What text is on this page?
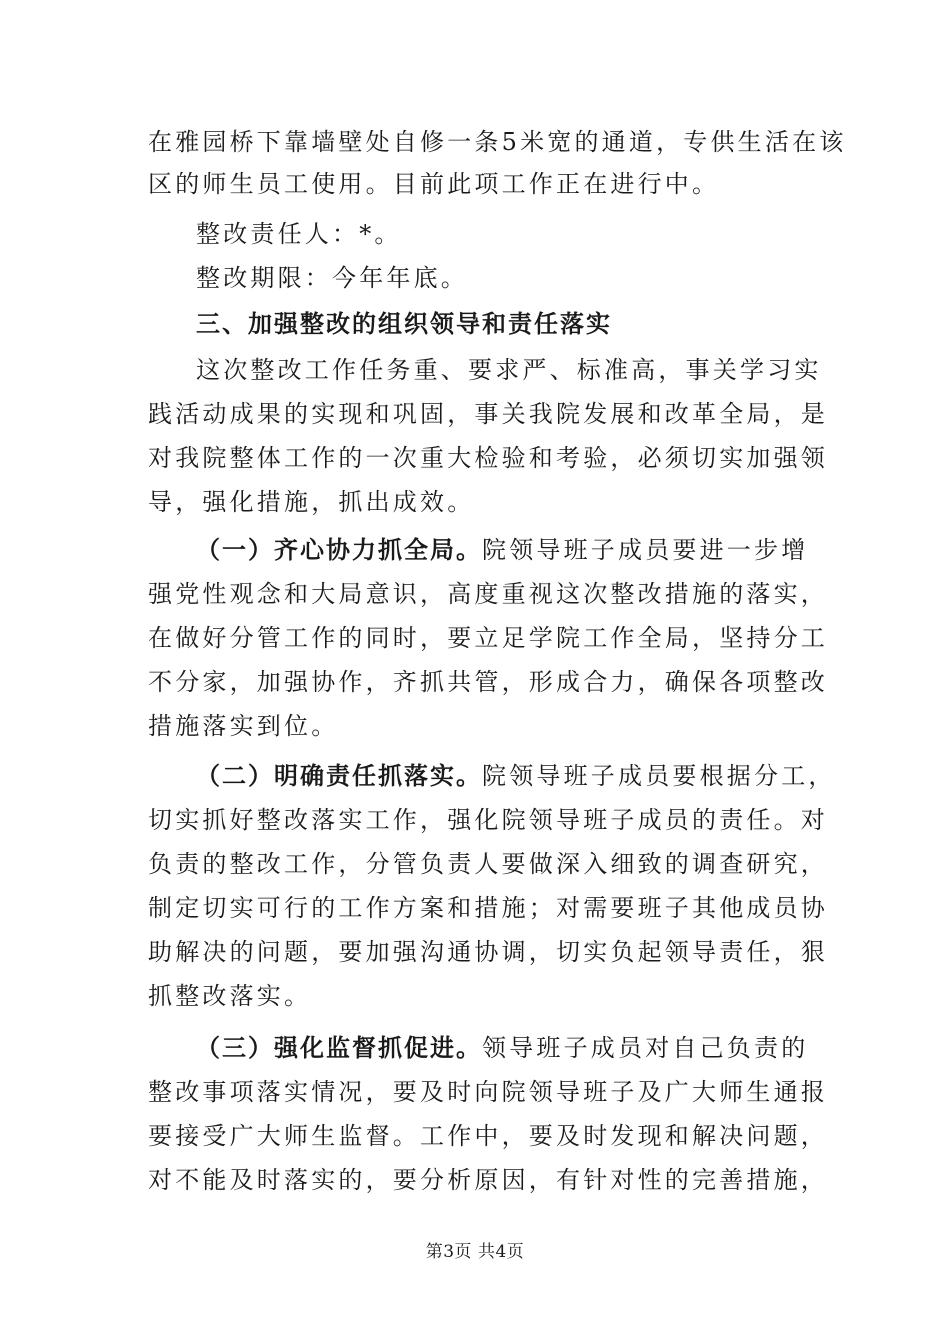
在雅园桥下靠墙壁处自修一条5米宽的通道，专供生活在该
区的师生员工使用。目前此项工作正在进行中。
整改责任人：*。
整改期限：今年年底。
三、加强整改的组织领导和责任落实
这次整改工作任务重、要求严、标准高，事关学习实
践活动成果的实现和巩固，事关我院发展和改革全局，是
对我院整体工作的一次重大检验和考验，必须切实加强领
导，强化措施，抓出成效。
（一）齐心协力抓全局。院领导班子成员要进一步增
强党性观念和大局意识，高度重视这次整改措施的落实，
在做好分管工作的同时，要立足学院工作全局，坚持分工
不分家，加强协作，齐抓共管，形成合力，确保各项整改
措施落实到位。
（二）明确责任抓落实。院领导班子成员要根据分工，
切实抓好整改落实工作，强化院领导班子成员的责任。对
负责的整改工作，分管负责人要做深入细致的调查研究，
制定切实可行的工作方案和措施；对需要班子其他成员协
助解决的问题，要加强沟通协调，切实负起领导责任，狠
抓整改落实。
（三）强化监督抓促进。领导班子成员对自己负责的
整改事项落实情况，要及时向院领导班子及广大师生通报
要接受广大师生监督。工作中，要及时发现和解决问题，
对不能及时落实的，要分析原因，有针对性的完善措施，
第3页 共4页
